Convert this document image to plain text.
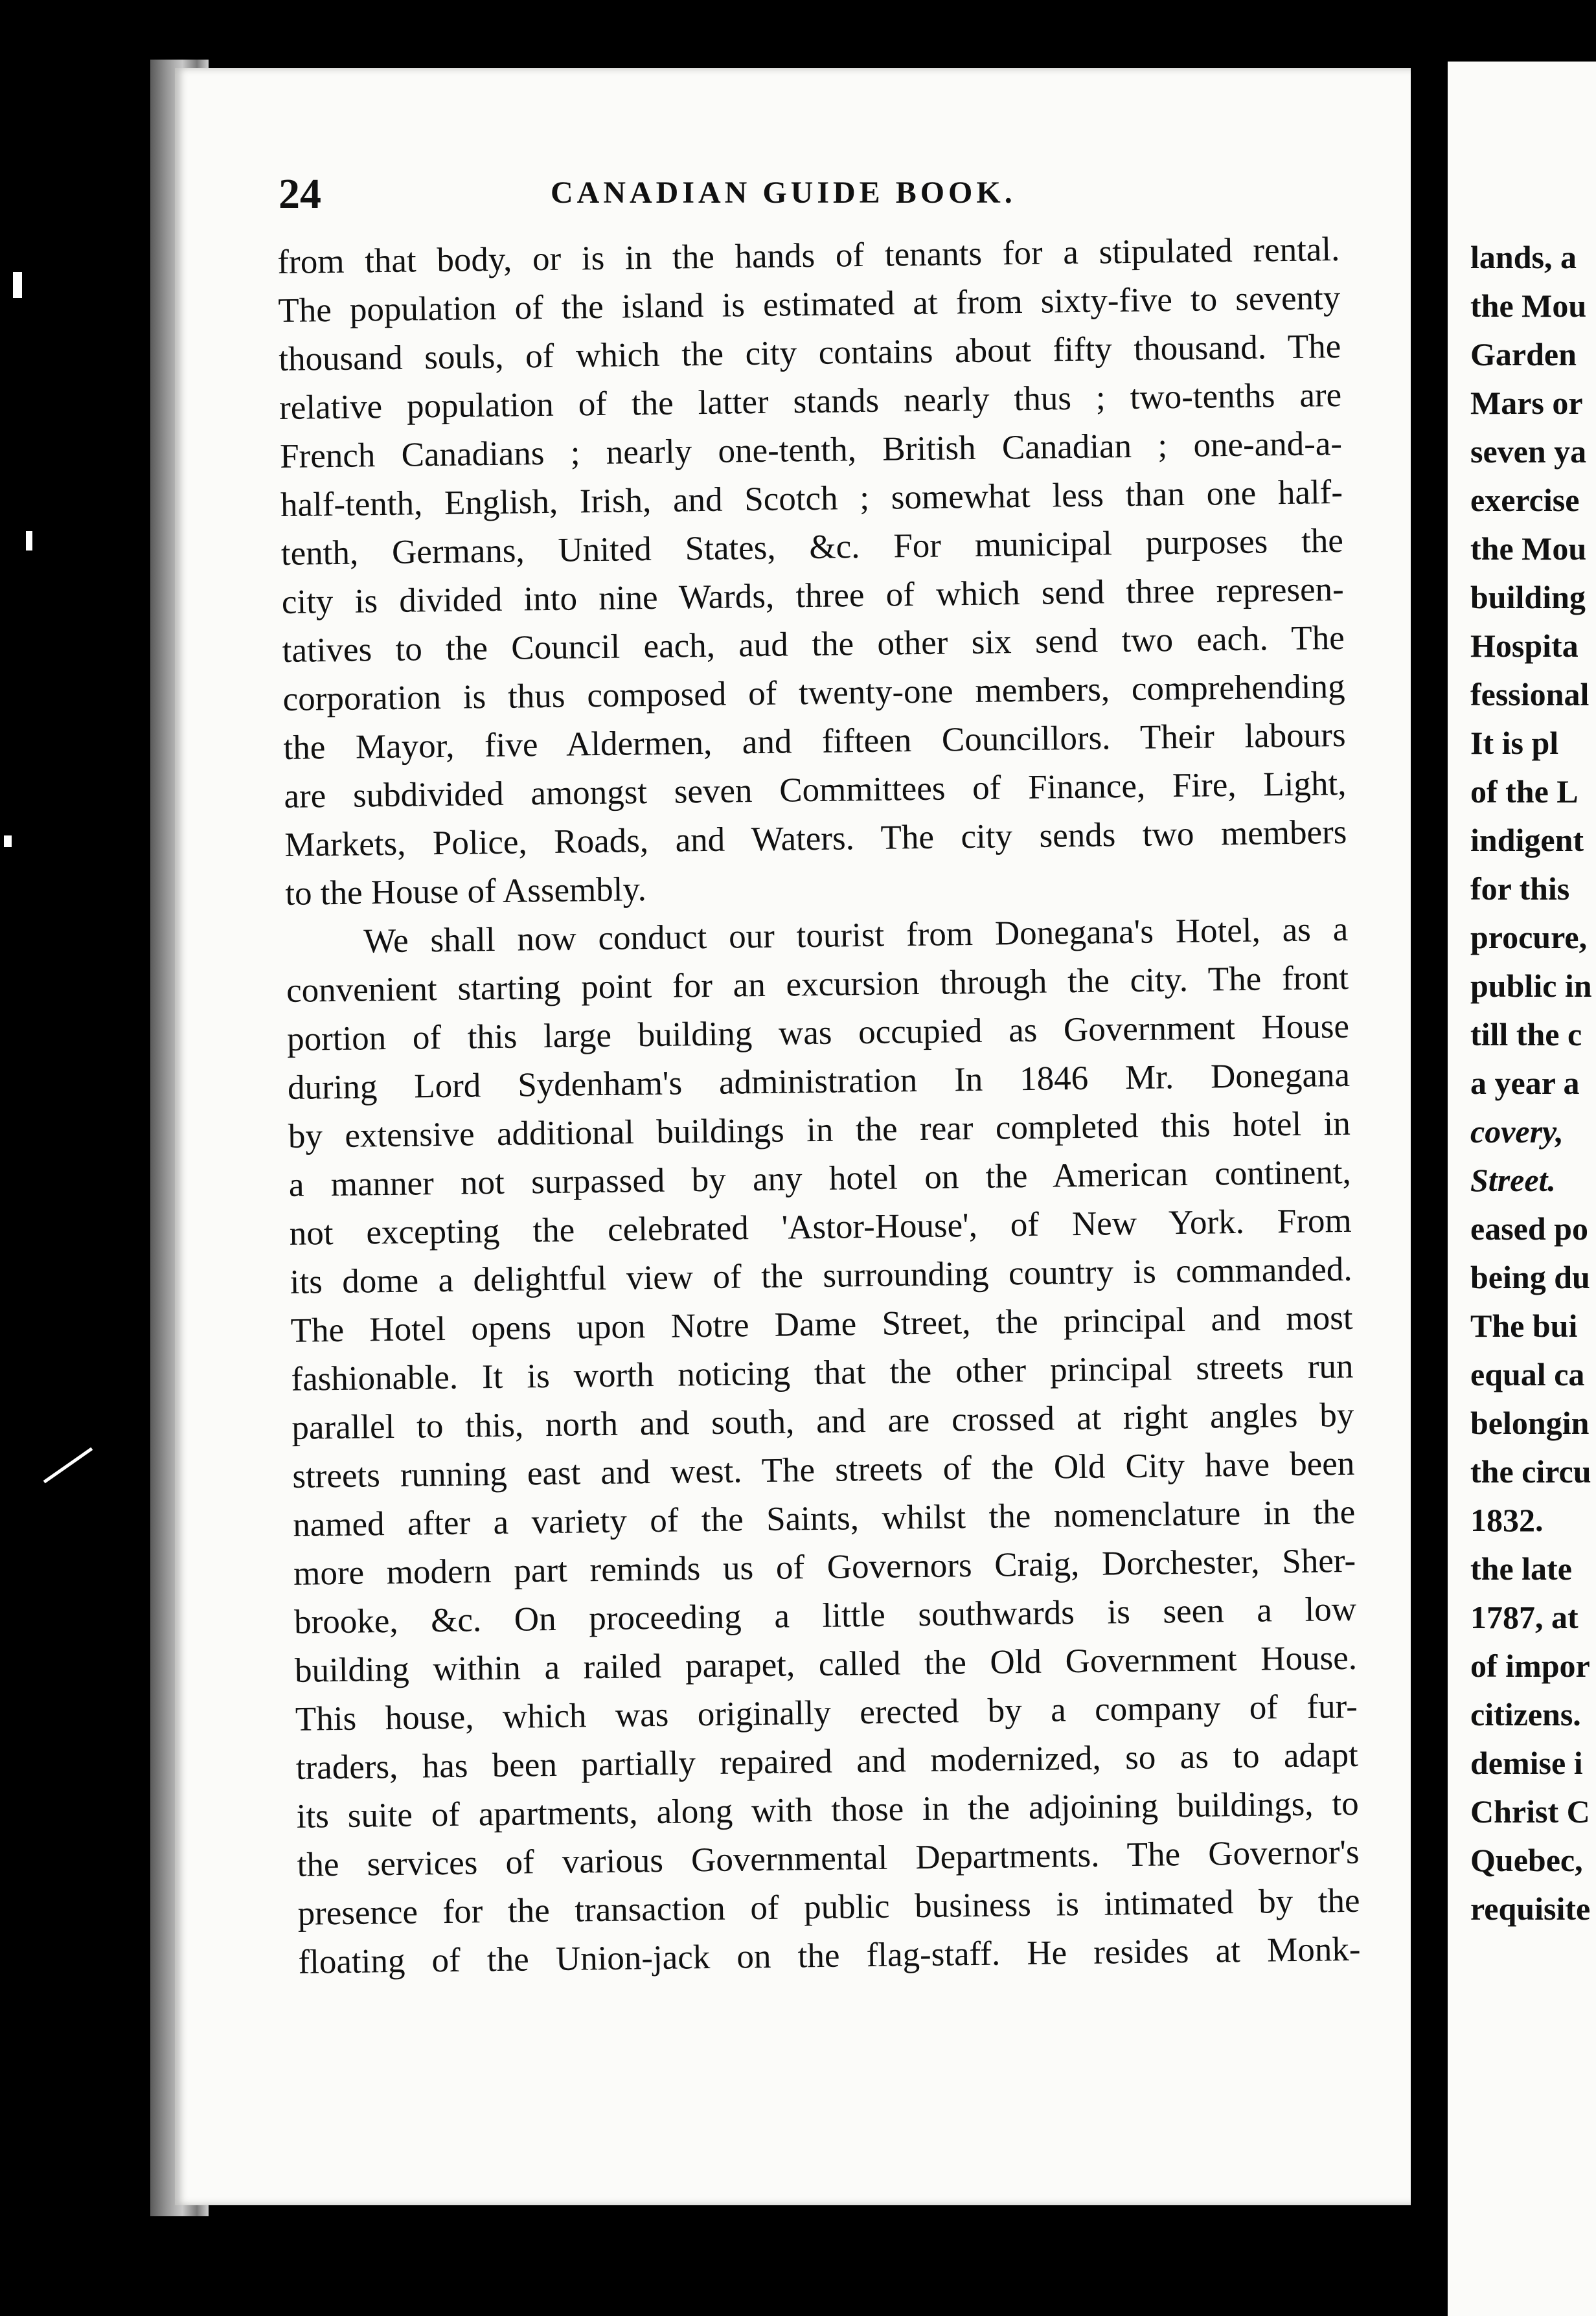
24	CANADIAN GUIDE BOOK.
from that body, or is in the hands of tenants for a stipulated rental.
The population of the island is estimated at from sixty-five to seventy
thousand souls, of which the city contains about fifty thousand. The
relative population of the latter stands nearly thus ; two-tenths are
French Canadians ; nearly one-tenth, British Canadian ; one-and-a-
half-tenth, English, Irish, and Scotch ; somewhat less than one half-
tenth, Germans, United States, &c. For municipal purposes the
city is divided into nine Wards, three of which send three represen-
tatives to the Council each, aud the other six send two each. The
corporation is thus composed of twenty-one members, comprehending
the Mayor, five Aldermen, and fifteen Councillors. Their labours
are subdivided amongst seven Committees of Finance, Fire, Light,
Markets, Police, Roads, and Waters. The city sends two members
to the House of Assembly.
We shall now conduct our tourist from Donegana's Hotel, as a
convenient starting point for an excursion through the city. The front
portion of this large building was occupied as Government House
during Lord Sydenham's administration In 1846 Mr. Donegana
by extensive additional buildings in the rear completed this hotel in
a manner not surpassed by any hotel on the American continent,
not excepting the celebrated 'Astor-House', of New York. From
its dome a delightful view of the surrounding country is commanded.
The Hotel opens upon Notre Dame Street, the principal and most
fashionable. It is worth noticing that the other principal streets run
parallel to this, north and south, and are crossed at right angles by
streets running east and west. The streets of the Old City have been
named after a variety of the Saints, whilst the nomenclature in the
more modern part reminds us of Governors Craig, Dorchester, Sher-
brooke, &c. On proceeding a little southwards is seen a low
building within a railed parapet, called the Old Government House.
This house, which was originally erected by a company of fur-
traders, has been partially repaired and modernized, so as to adapt
its suite of apartments, along with those in the adjoining buildings, to
the services of various Governmental Departments. The Governor's
presence for the transaction of public business is intimated by the
floating of the Union-jack on the flag-staff. He resides at Monk-
lands, a
the Mou
Garden
Mars or
seven ya
exercise
the Mou
building
Hospita
fessional
It is pl
of the L
indigent
for this
procure,
public in
till the c
a year a
covery,
Street.
eased po
being du
The bui
equal ca
belongin
the circu
1832.
the late
1787, at
of impor
citizens.
demise i
Christ C
Quebec,
requisite
